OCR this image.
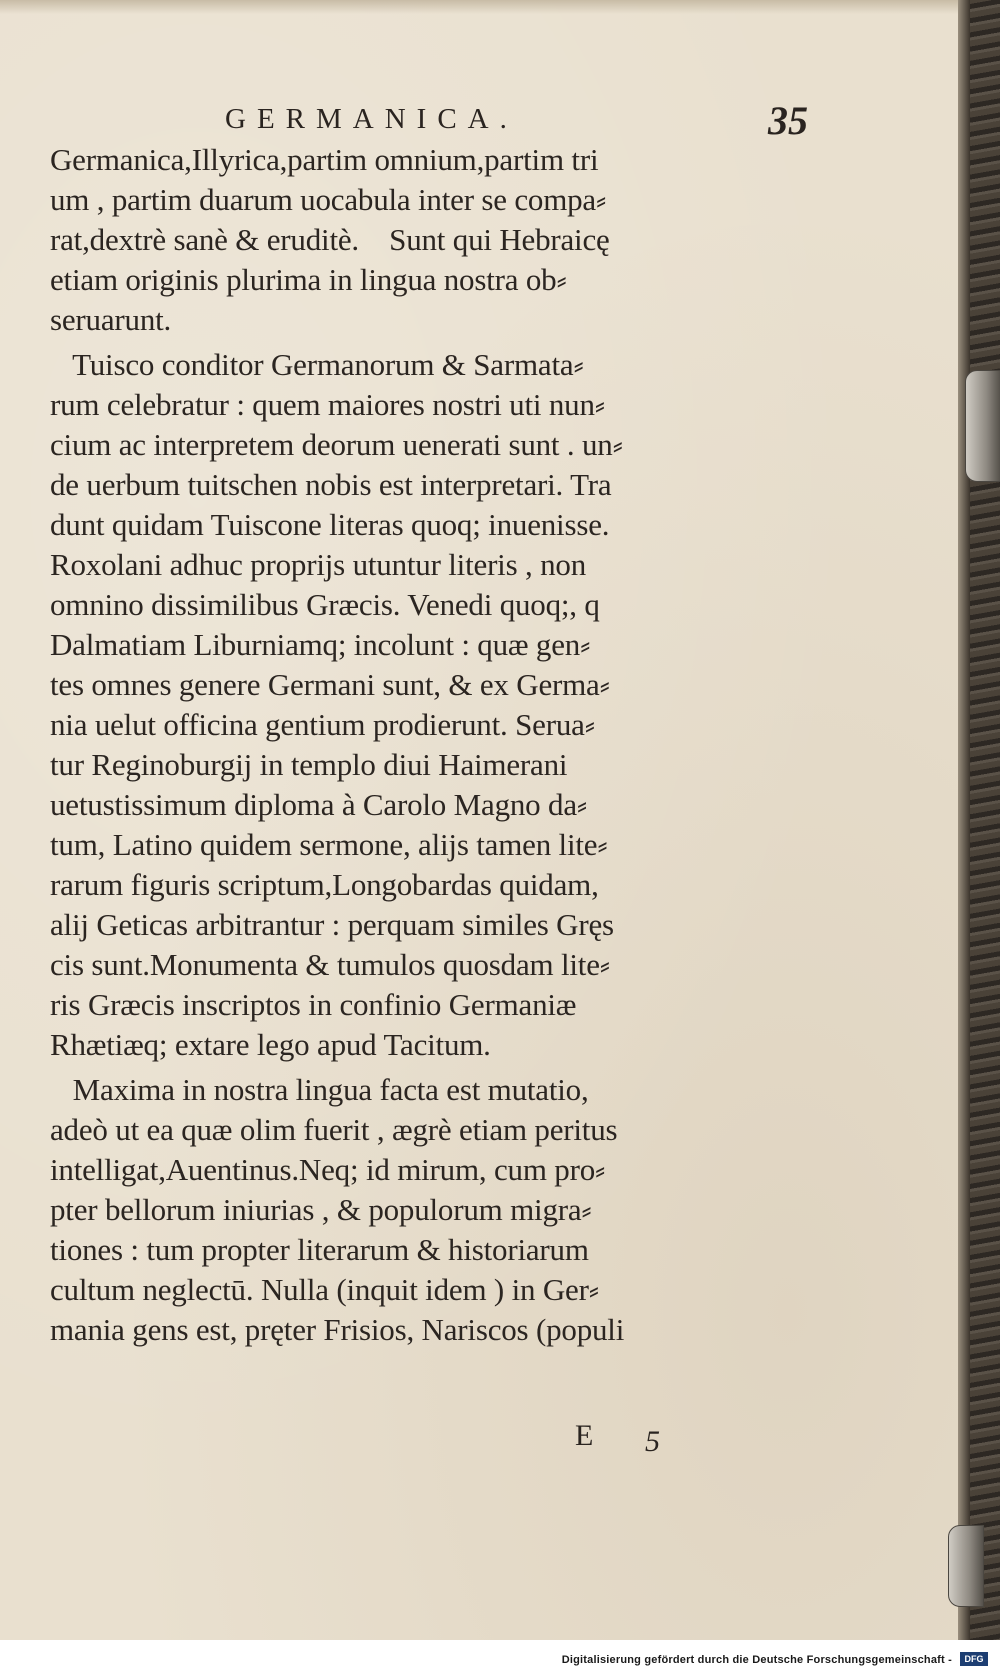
GERMANICA.	35
Germanica,Illyrica,partim omnium,partim tri
um , partim duarum uocabula inter se compa⸗
rat,dextrè sanè & eruditè.    Sunt qui Hebraicę
etiam originis plurima in lingua nostra ob⸗
seruarunt.
Tuisco conditor Germanorum & Sarmata⸗
rum celebratur : quem maiores nostri uti nun⸗
cium ac interpretem deorum uenerati sunt . un⸗
de uerbum tuitschen nobis est interpretari. Tra
dunt quidam Tuiscone literas quoq; inuenisse.
Roxolani adhuc proprijs utuntur literis , non
omnino dissimilibus Græcis. Venedi quoq;, q
Dalmatiam Liburniamq; incolunt : quæ gen⸗
tes omnes genere Germani sunt, & ex Germa⸗
nia uelut officina gentium prodierunt. Serua⸗
tur Reginoburgij in templo diui Haimerani
uetustissimum diploma à Carolo Magno da⸗
tum, Latino quidem sermone, alijs tamen lite⸗
rarum figuris scriptum,Longobardas quidam,
alij Geticas arbitrantur : perquam similes Gręs
cis sunt.Monumenta & tumulos quosdam lite⸗
ris Græcis inscriptos in confinio Germaniæ
Rhætiæq; extare lego apud Tacitum.
Maxima in nostra lingua facta est mutatio,
adeò ut ea quæ olim fuerit , ægrè etiam peritus
intelligat,Auentinus.Neq; id mirum, cum pro⸗
pter bellorum iniurias , & populorum migra⸗
tiones : tum propter literarum & historiarum
cultum neglectū. Nulla (inquit idem ) in Ger⸗
mania gens est, pręter Frisios, Nariscos (populi
E 5
Digitalisierung gefördert durch die Deutsche Forschungsgemeinschaft -	DFG
